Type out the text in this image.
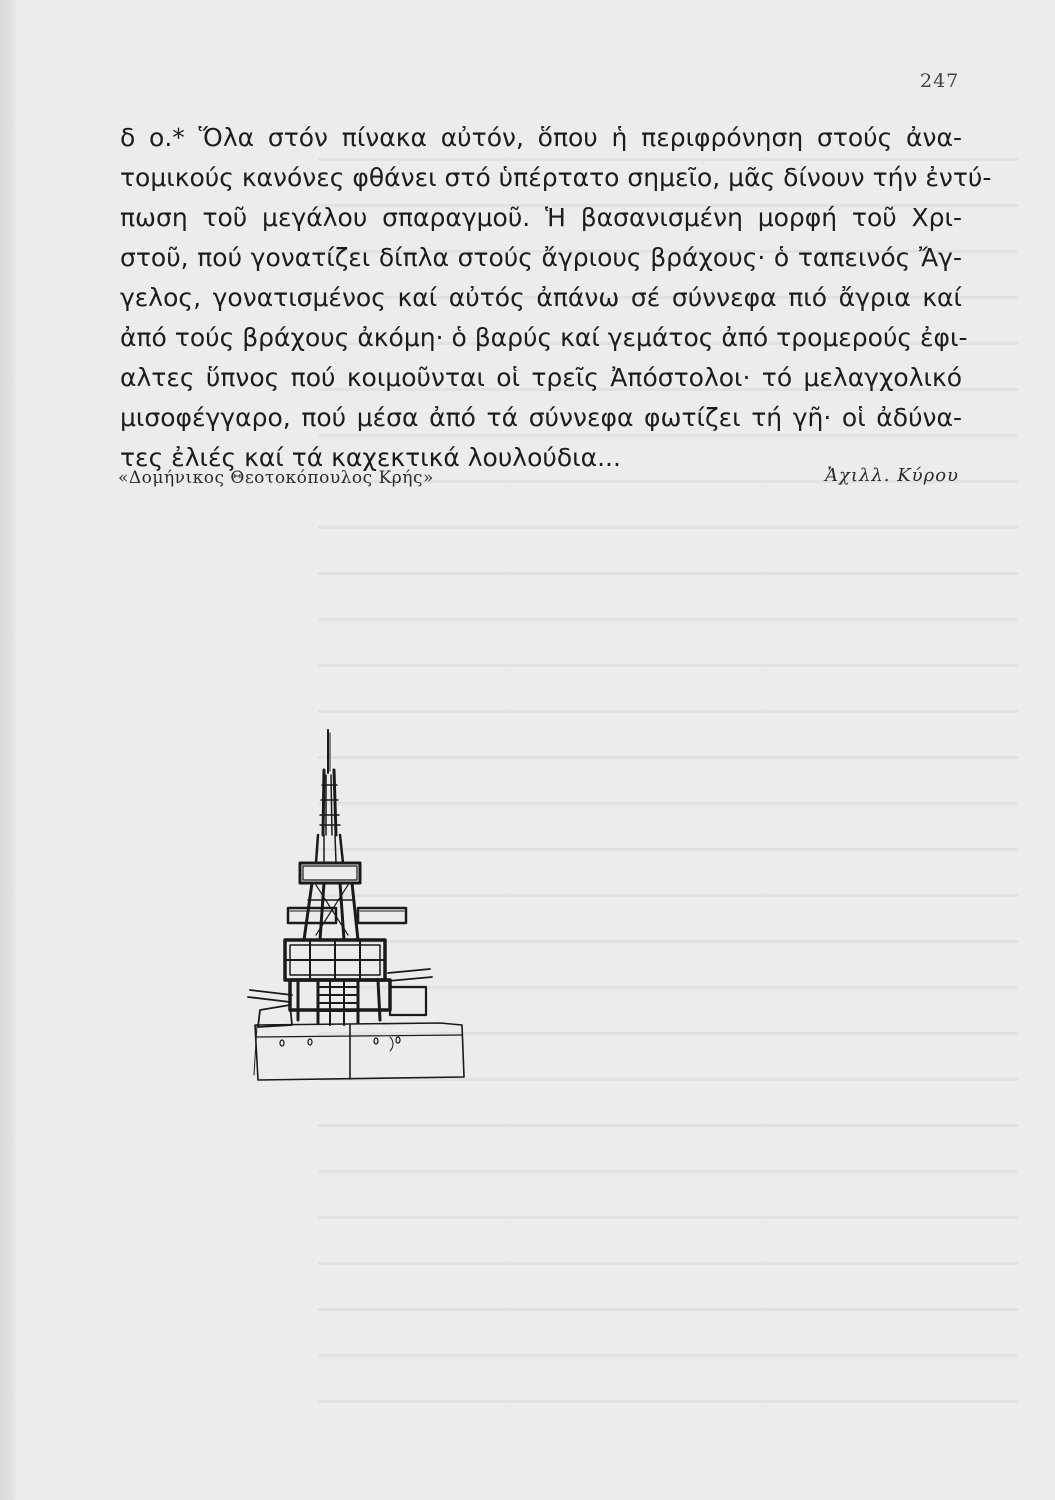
247
δ ο.* Ὅλα στόν πίνακα αὐτόν, ὅπου ἡ περιφρόνηση στούς ἀνα-
τομικούς κανόνες φθάνει στό ὑπέρτατο σημεῖο, μᾶς δίνουν τήν ἐντύ-
πωση τοῦ μεγάλου σπαραγμοῦ. Ἡ βασανισμένη μορφή τοῦ Χρι-
στοῦ, πού γονατίζει δίπλα στούς ἄγριους βράχους· ὁ ταπεινός Ἄγ-
γελος, γονατισμένος καί αὐτός ἀπάνω σέ σύννεφα πιό ἄγρια καί
ἀπό τούς βράχους ἀκόμη· ὁ βαρύς καί γεμάτος ἀπό τρομερούς ἐφι-
αλτες ὕπνος πού κοιμοῦνται οἱ τρεῖς Ἀπόστολοι· τό μελαγχολικό
μισοφέγγαρο, πού μέσα ἀπό τά σύννεφα φωτίζει τή γῆ· οἱ ἀδύνα-
τες ἐλιές καί τά καχεκτικά λουλούδια...
«Δομήνικος Θεοτοκόπουλος Κρής»	Ἀχιλλ. Κύρου
